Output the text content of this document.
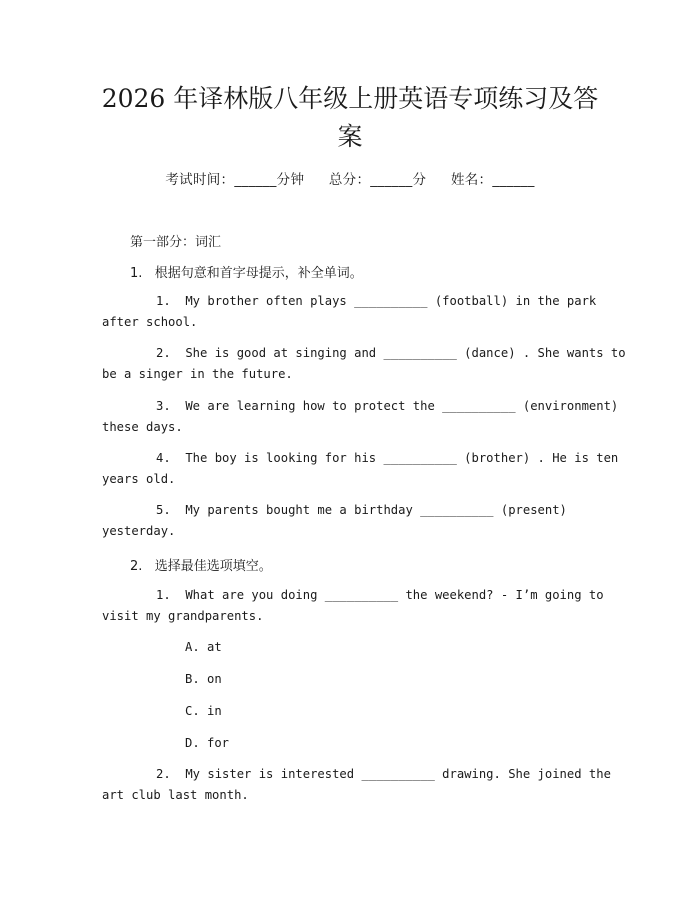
2026 年译林版八年级上册英语专项练习及答
案
考试时间：______分钟 总分：______分 姓名：______
第一部分：词汇
1.   根据句意和首字母提示，补全单词。
1.  My brother often plays __________ (football) in the park
after school.
2.  She is good at singing and __________ (dance) . She wants to
be a singer in the future.
3.  We are learning how to protect the __________ (environment)
these days.
4.  The boy is looking for his __________ (brother) . He is ten
years old.
5.  My parents bought me a birthday __________ (present)
yesterday.
2.   选择最佳选项填空。
1.  What are you doing __________ the weekend? - I’m going to
visit my grandparents.
A. at
B. on
C. in
D. for
2.  My sister is interested __________ drawing. She joined the
art club last month.
